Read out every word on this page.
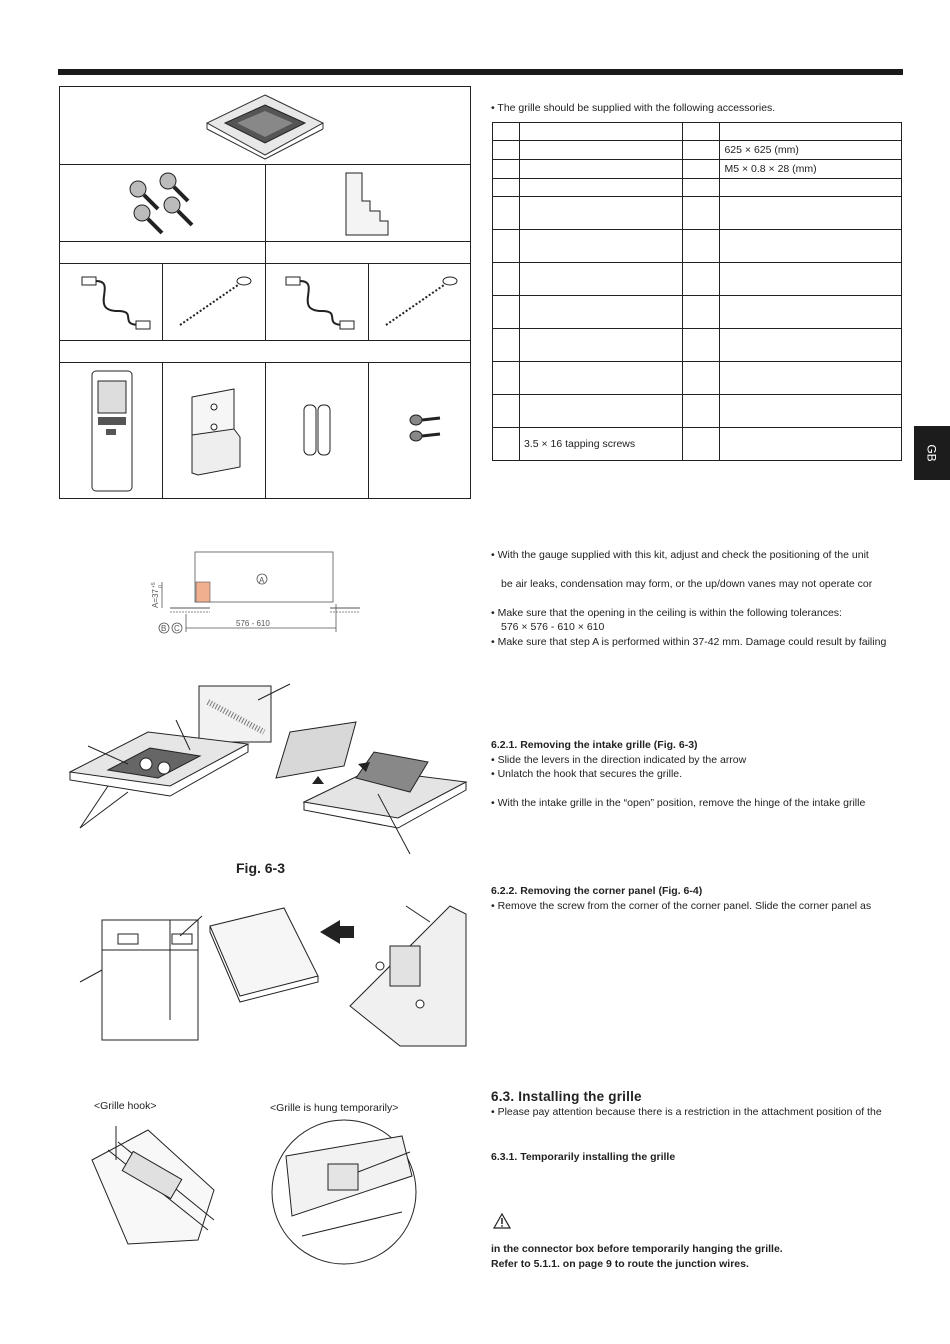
GB
• The grille should be supplied with the following accessories.

			625 × 625 (mm)
			M5 × 0.8 × 28 (mm)

	3.5 × 16 tapping screws		
A
B C
576 - 610
A=37
+5 0
• With the gauge supplied with this kit, adjust and check the positioning of the unit
be air leaks, condensation may form, or the up/down vanes may not operate cor
• Make sure that the opening in the ceiling is within the following tolerances:
576 × 576 - 610 × 610
• Make sure that step A is performed within 37-42 mm. Damage could result by failing
Fig. 6-3
6.2.1. Removing the intake grille (Fig. 6-3)
• Slide the levers in the direction indicated by the arrow
• Unlatch the hook that secures the grille.
• With the intake grille in the “open” position, remove the hinge of the intake grille
6.2.2. Removing the corner panel (Fig. 6-4)
• Remove the screw from the corner of the corner panel. Slide the corner panel as
<Grille hook>	<Grille is hung temporarily>
6.3. Installing the grille
• Please pay attention because there is a restriction in the attachment position of the
6.3.1. Temporarily installing the grille
in the connector box before temporarily hanging the grille.
Refer to 5.1.1. on page 9 to route the junction wires.
